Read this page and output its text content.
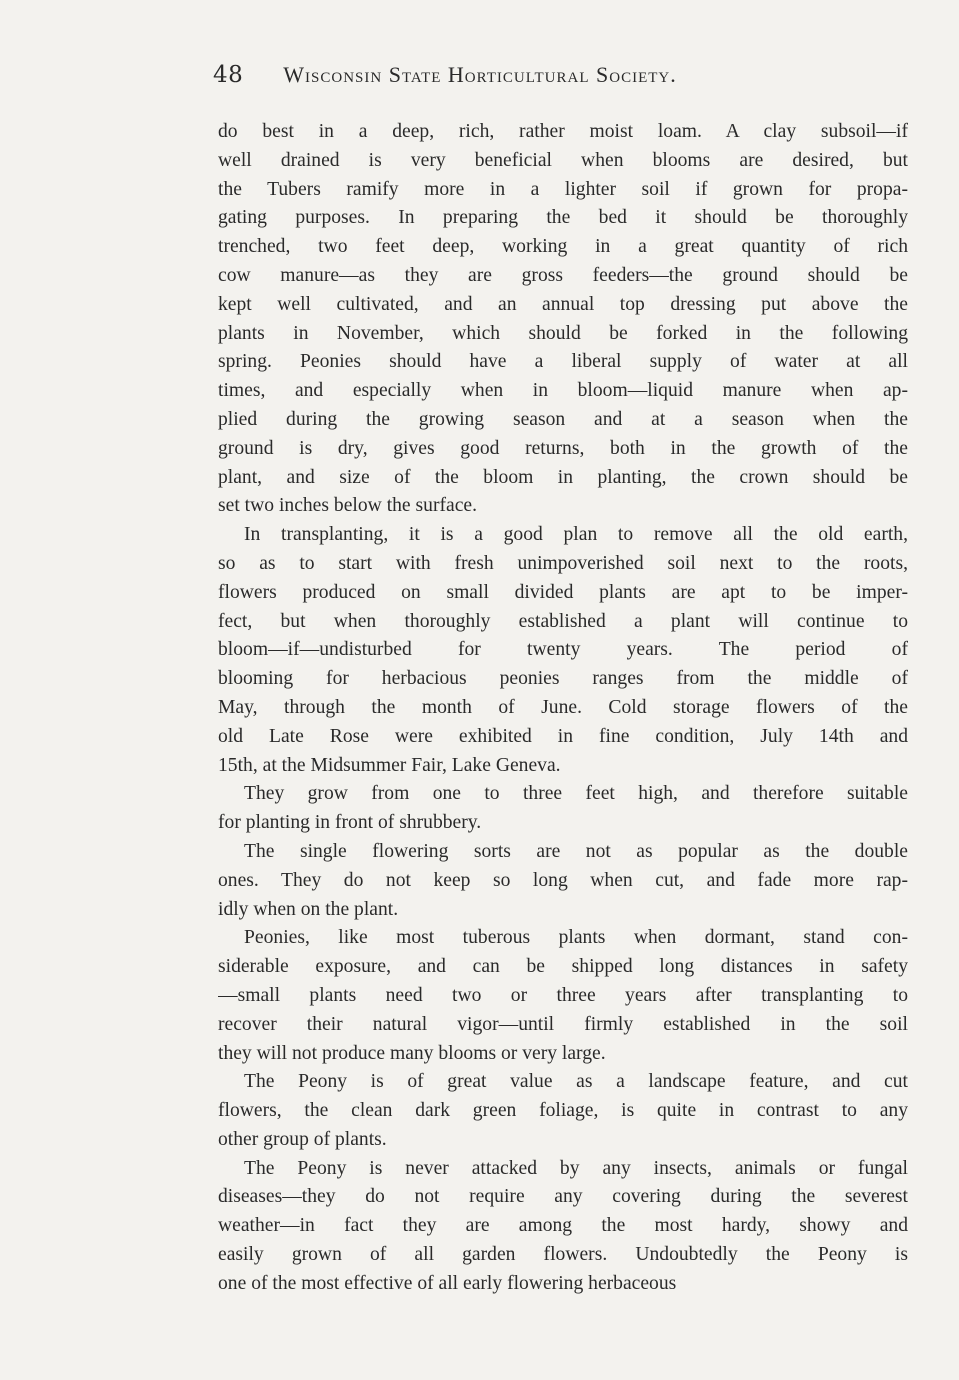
48 Wisconsin State Horticultural Society.
do best in a deep, rich, rather moist loam. A clay subsoil—if
well drained is very beneficial when blooms are desired, but
the Tubers ramify more in a lighter soil if grown for propa-
gating purposes. In preparing the bed it should be thoroughly
trenched, two feet deep, working in a great quantity of rich
cow manure—as they are gross feeders—the ground should be
kept well cultivated, and an annual top dressing put above the
plants in November, which should be forked in the following
spring. Peonies should have a liberal supply of water at all
times, and especially when in bloom—liquid manure when ap-
plied during the growing season and at a season when the
ground is dry, gives good returns, both in the growth of the
plant, and size of the bloom in planting, the crown should be
set two inches below the surface.
In transplanting, it is a good plan to remove all the old earth,
so as to start with fresh unimpoverished soil next to the roots,
flowers produced on small divided plants are apt to be imper-
fect, but when thoroughly established a plant will continue to
bloom—if—undisturbed for twenty years. The period of
blooming for herbacious peonies ranges from the middle of
May, through the month of June. Cold storage flowers of the
old Late Rose were exhibited in fine condition, July 14th and
15th, at the Midsummer Fair, Lake Geneva.
They grow from one to three feet high, and therefore suitable
for planting in front of shrubbery.
The single flowering sorts are not as popular as the double
ones. They do not keep so long when cut, and fade more rap-
idly when on the plant.
Peonies, like most tuberous plants when dormant, stand con-
siderable exposure, and can be shipped long distances in safety
—small plants need two or three years after transplanting to
recover their natural vigor—until firmly established in the soil
they will not produce many blooms or very large.
The Peony is of great value as a landscape feature, and cut
flowers, the clean dark green foliage, is quite in contrast to any
other group of plants.
The Peony is never attacked by any insects, animals or fungal
diseases—they do not require any covering during the severest
weather—in fact they are among the most hardy, showy and
easily grown of all garden flowers. Undoubtedly the Peony is
one of the most effective of all early flowering herbaceous
